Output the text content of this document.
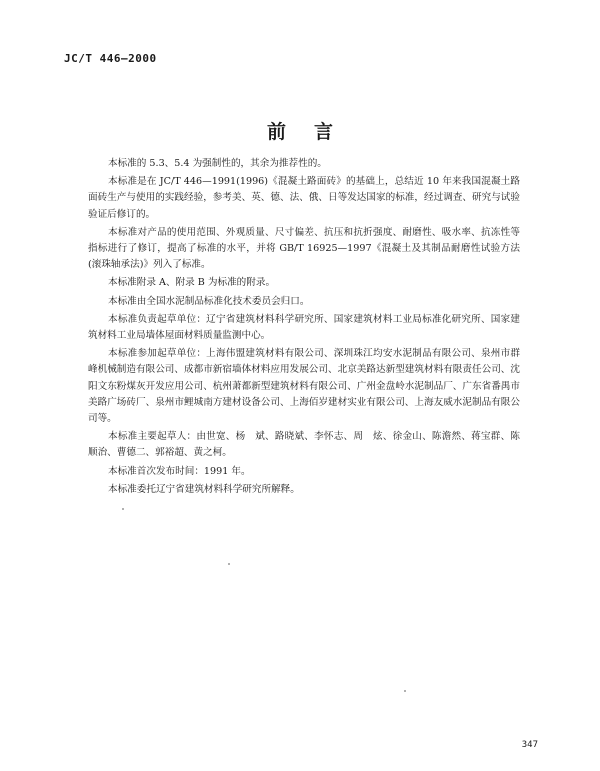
JC/T 446—2000
前言

本标准的 5.3、5.4 为强制性的，其余为推荐性的。

本标准是在 JC/T 446—1991(1996)《混凝土路面砖》的基础上，总结近 10 年来我国混凝土路面砖生产与使用的实践经验，参考美、英、德、法、俄、日等发达国家的标准，经过调查、研究与试验验证后修订的。

本标准对产品的使用范围、外观质量、尺寸偏差、抗压和抗折强度、耐磨性、吸水率、抗冻性等指标进行了修订，提高了标准的水平，并将 GB/T 16925—1997《混凝土及其制品耐磨性试验方法(滚珠轴承法)》列入了标准。

本标准附录 A、附录 B 为标准的附录。

本标准由全国水泥制品标准化技术委员会归口。

本标准负责起草单位：辽宁省建筑材料科学研究所、国家建筑材料工业局标准化研究所、国家建筑材料工业局墙体屋面材料质量监测中心。

本标准参加起草单位：上海伟盟建筑材料有限公司、深圳珠江均安水泥制品有限公司、泉州市群峰机械制造有限公司、成都市新宿墙体材料应用发展公司、北京美路达新型建筑材料有限责任公司、沈阳文东粉煤灰开发应用公司、杭州萧都新型建筑材料有限公司、广州金盘岭水泥制品厂、广东省番禺市美路广场砖厂、泉州市鲤城南方建材设备公司、上海佰岁建材实业有限公司、上海友威水泥制品有限公司等。

本标准主要起草人：由世宽、杨　斌、路晓斌、李怀志、周　炫、徐金山、陈澹然、蒋宝群、陈顺治、曹德二、郭裕超、黄之柯。

本标准首次发布时间：1991 年。

本标准委托辽宁省建筑材料科学研究所解释。

347
